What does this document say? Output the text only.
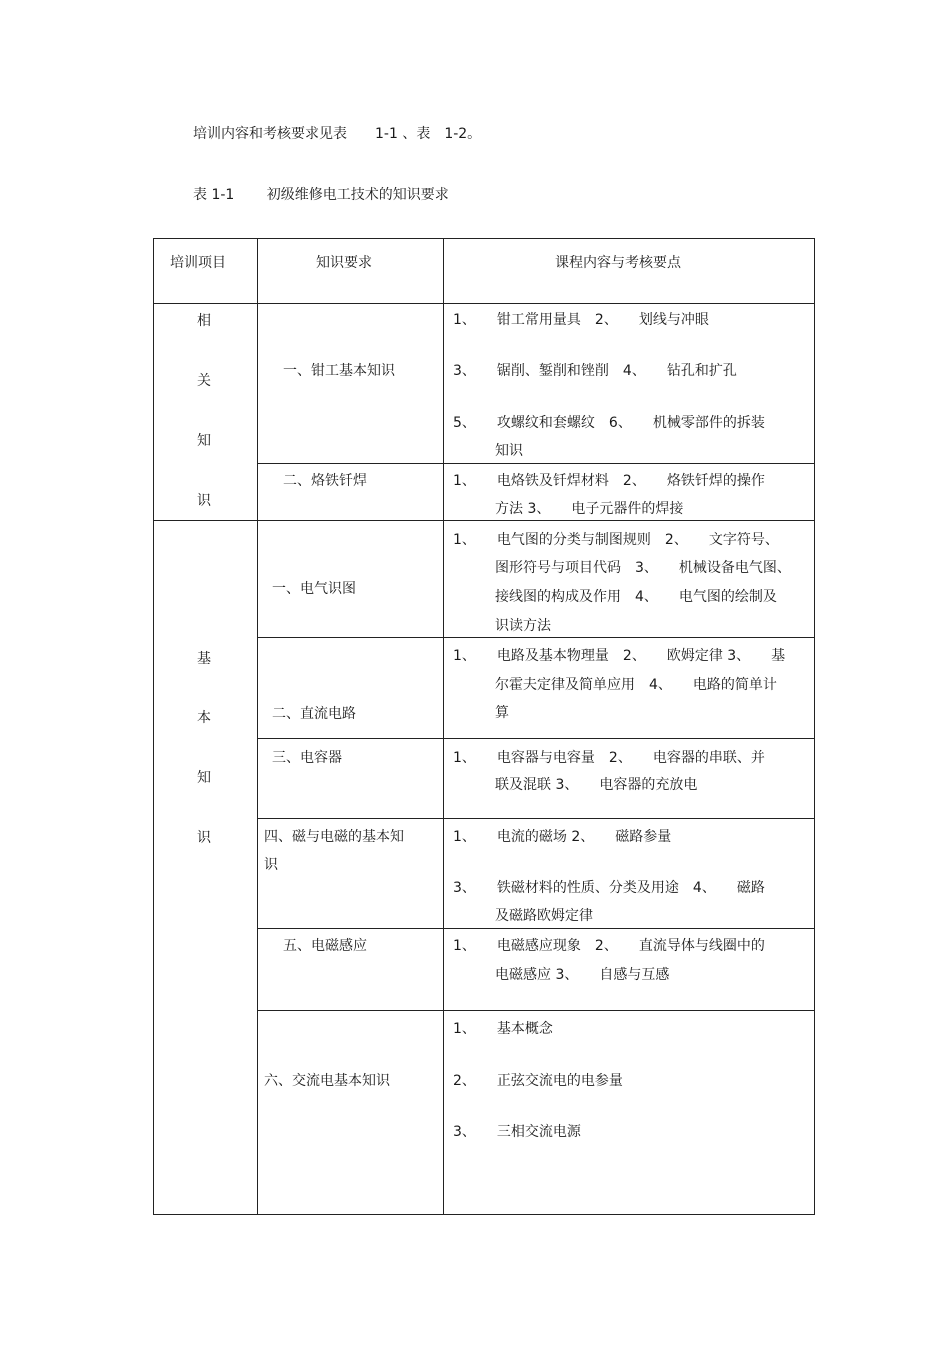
培训内容和考核要求见表　　1-1 、表　1-2。
表 1-1 初级维修电工技术的知识要求
培训项目	知识要求	课程内容与考核要点
相
关
知
识
基
本
知
识
一、钳工基本知识
二、烙铁钎焊
一、电气识图
二、直流电路
三、电容器
四、磁与电磁的基本知
识
五、电磁感应
六、交流电基本知识
1、　　钳工常用量具　2、　　划线与冲眼
3、　　锯削、錾削和锉削　4、　　钻孔和扩孔
5、　　攻螺纹和套螺纹　6、　　机械零部件的拆装
　　　知识
1、　　电烙铁及钎焊材料　2、　　烙铁钎焊的操作
　　　方法 3、　　电子元器件的焊接
1、　　电气图的分类与制图规则　2、　　文字符号、
　　　图形符号与项目代码　3、　　机械设备电气图、
　　　接线图的构成及作用　4、　　电气图的绘制及
　　　识读方法
1、　　电路及基本物理量　2、　　欧姆定律 3、　　基
　　　尔霍夫定律及简单应用　4、　　电路的简单计
　　　算
1、　　电容器与电容量　2、　　电容器的串联、并
　　　联及混联 3、　　电容器的充放电
1、　　电流的磁场 2、　　磁路参量
3、　　铁磁材料的性质、分类及用途　4、　　磁路
　　　及磁路欧姆定律
1、　　电磁感应现象　2、　　直流导体与线圈中的
　　　电磁感应 3、　　自感与互感
1、　　基本概念
2、　　正弦交流电的电参量
3、　　三相交流电源
